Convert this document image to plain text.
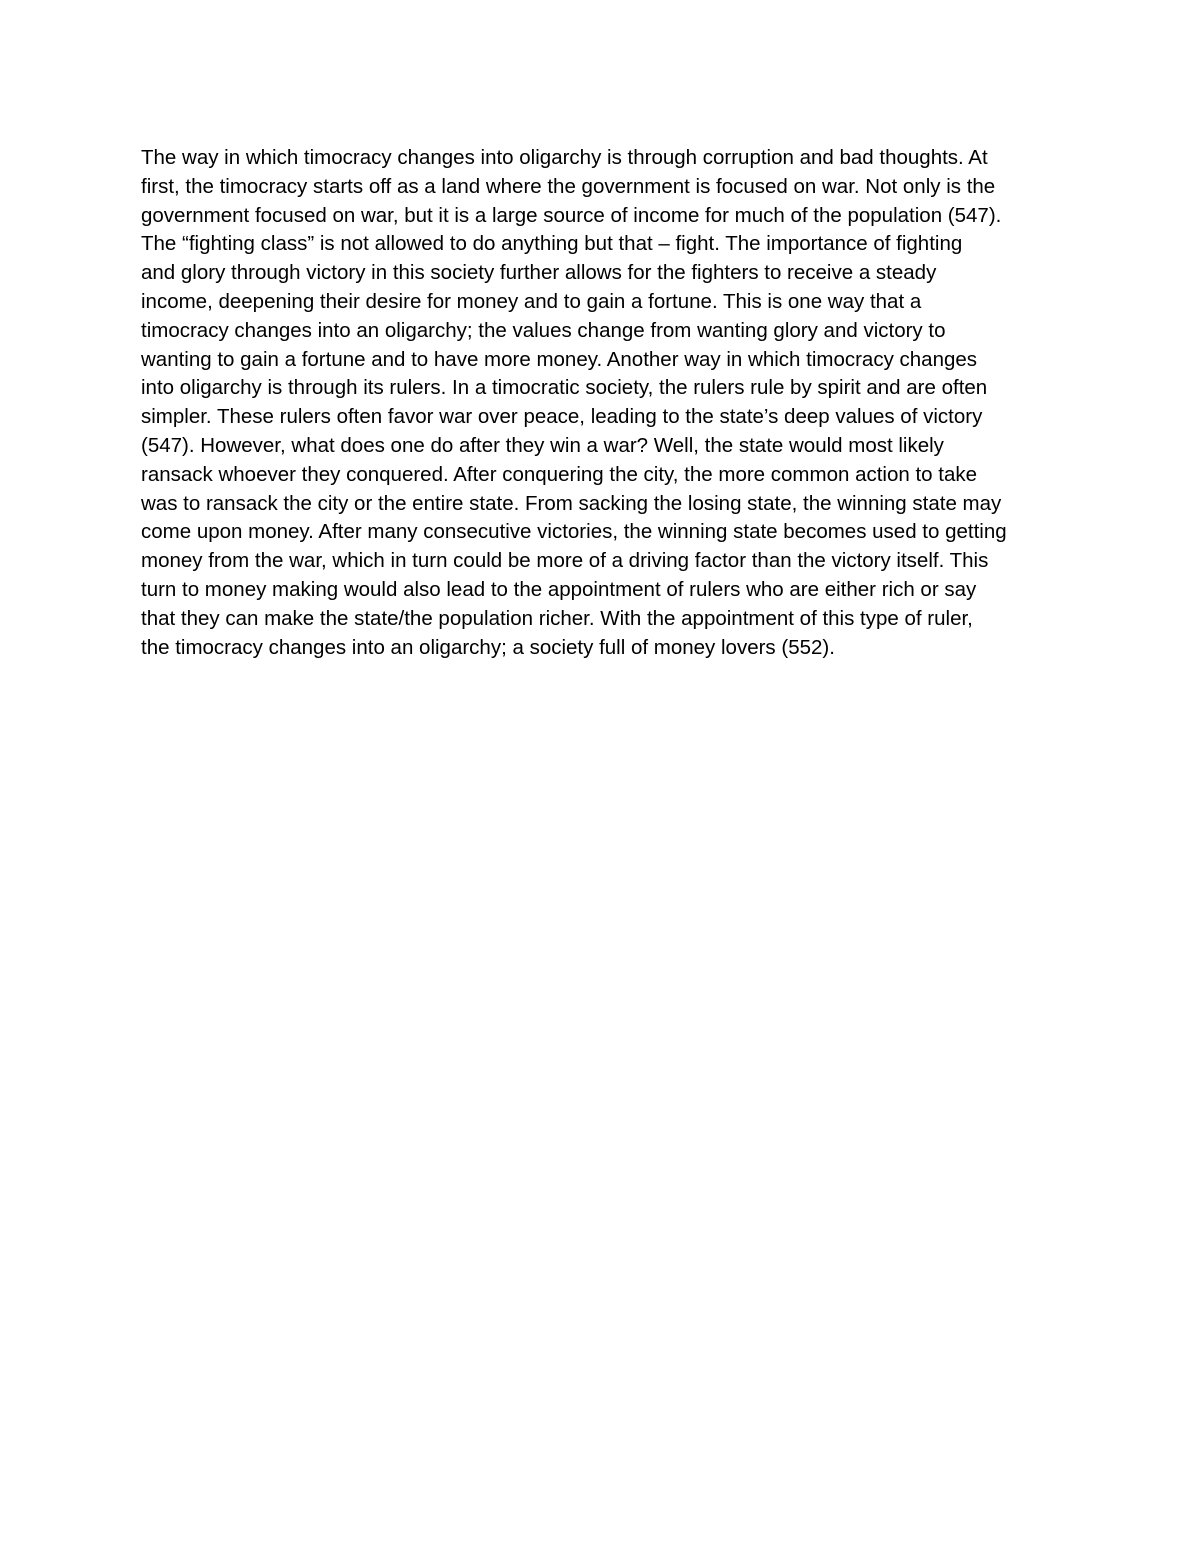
The way in which timocracy changes into oligarchy is through corruption and bad thoughts. At
first, the timocracy starts off as a land where the government is focused on war. Not only is the
government focused on war, but it is a large source of income for much of the population (547).
The “fighting class” is not allowed to do anything but that – fight. The importance of fighting
and glory through victory in this society further allows for the fighters to receive a steady
income, deepening their desire for money and to gain a fortune. This is one way that a
timocracy changes into an oligarchy; the values change from wanting glory and victory to
wanting to gain a fortune and to have more money. Another way in which timocracy changes
into oligarchy is through its rulers. In a timocratic society, the rulers rule by spirit and are often
simpler. These rulers often favor war over peace, leading to the state’s deep values of victory
(547). However, what does one do after they win a war? Well, the state would most likely
ransack whoever they conquered. After conquering the city, the more common action to take
was to ransack the city or the entire state. From sacking the losing state, the winning state may
come upon money. After many consecutive victories, the winning state becomes used to getting
money from the war, which in turn could be more of a driving factor than the victory itself. This
turn to money making would also lead to the appointment of rulers who are either rich or say
that they can make the state/the population richer. With the appointment of this type of ruler,
the timocracy changes into an oligarchy; a society full of money lovers (552).
